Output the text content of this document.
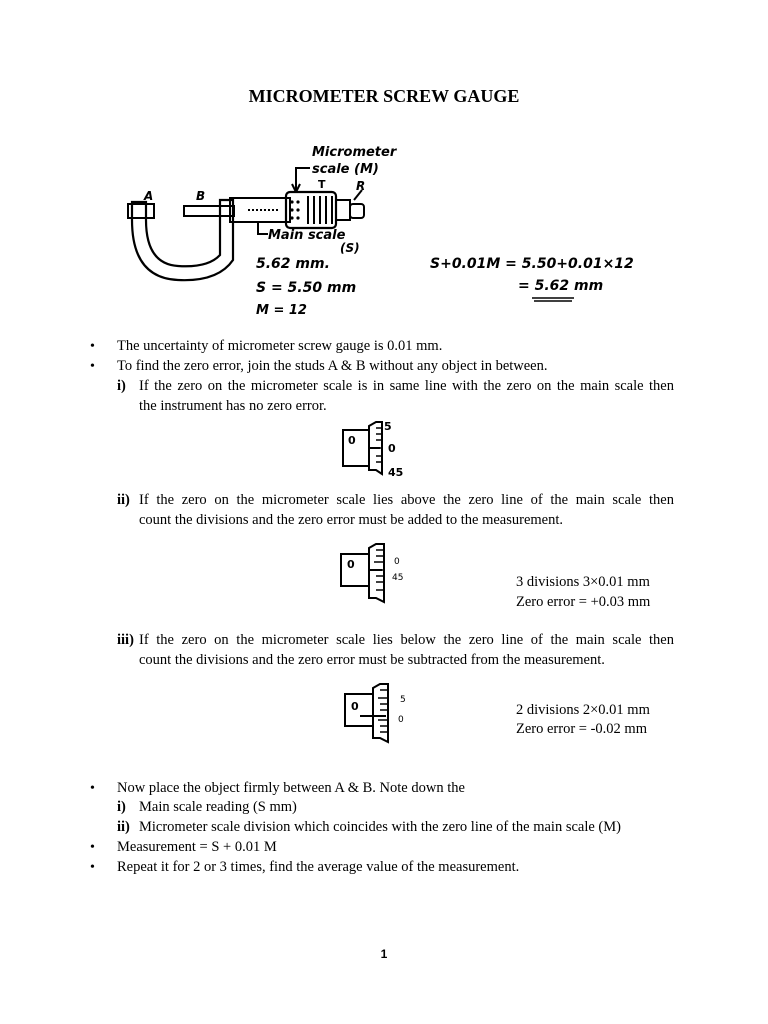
MICROMETER SCREW GAUGE
Micrometer
scale (M)
A	B
R
T
Main scale
(S)
5.62 mm.
S = 5.50 mm
M = 12
S+0.01M = 5.50+0.01×12
= 5.62 mm
• The uncertainty of micrometer screw gauge is 0.01 mm.
• To find the zero error, join the studs A & B without any object in between.
i) If the zero on the micrometer scale is in same line with the zero on the main scale then
the instrument has no zero error.
0
5
0
45
ii) If the zero on the micrometer scale lies above the zero line of the main scale then
count the divisions and the zero error must be added to the measurement.
0	0
45	3 divisions 3×0.01 mm
Zero error = +0.03 mm
iii) If the zero on the micrometer scale lies below the zero line of the main scale then
count the divisions and the zero error must be subtracted from the measurement.
0	5
0
2 divisions 2×0.01 mm
Zero error = -0.02 mm
• Now place the object firmly between A & B. Note down the
i) Main scale reading (S mm)
ii) Micrometer scale division which coincides with the zero line of the main scale (M)
• Measurement = S + 0.01 M
• Repeat it for 2 or 3 times, find the average value of the measurement.
1
